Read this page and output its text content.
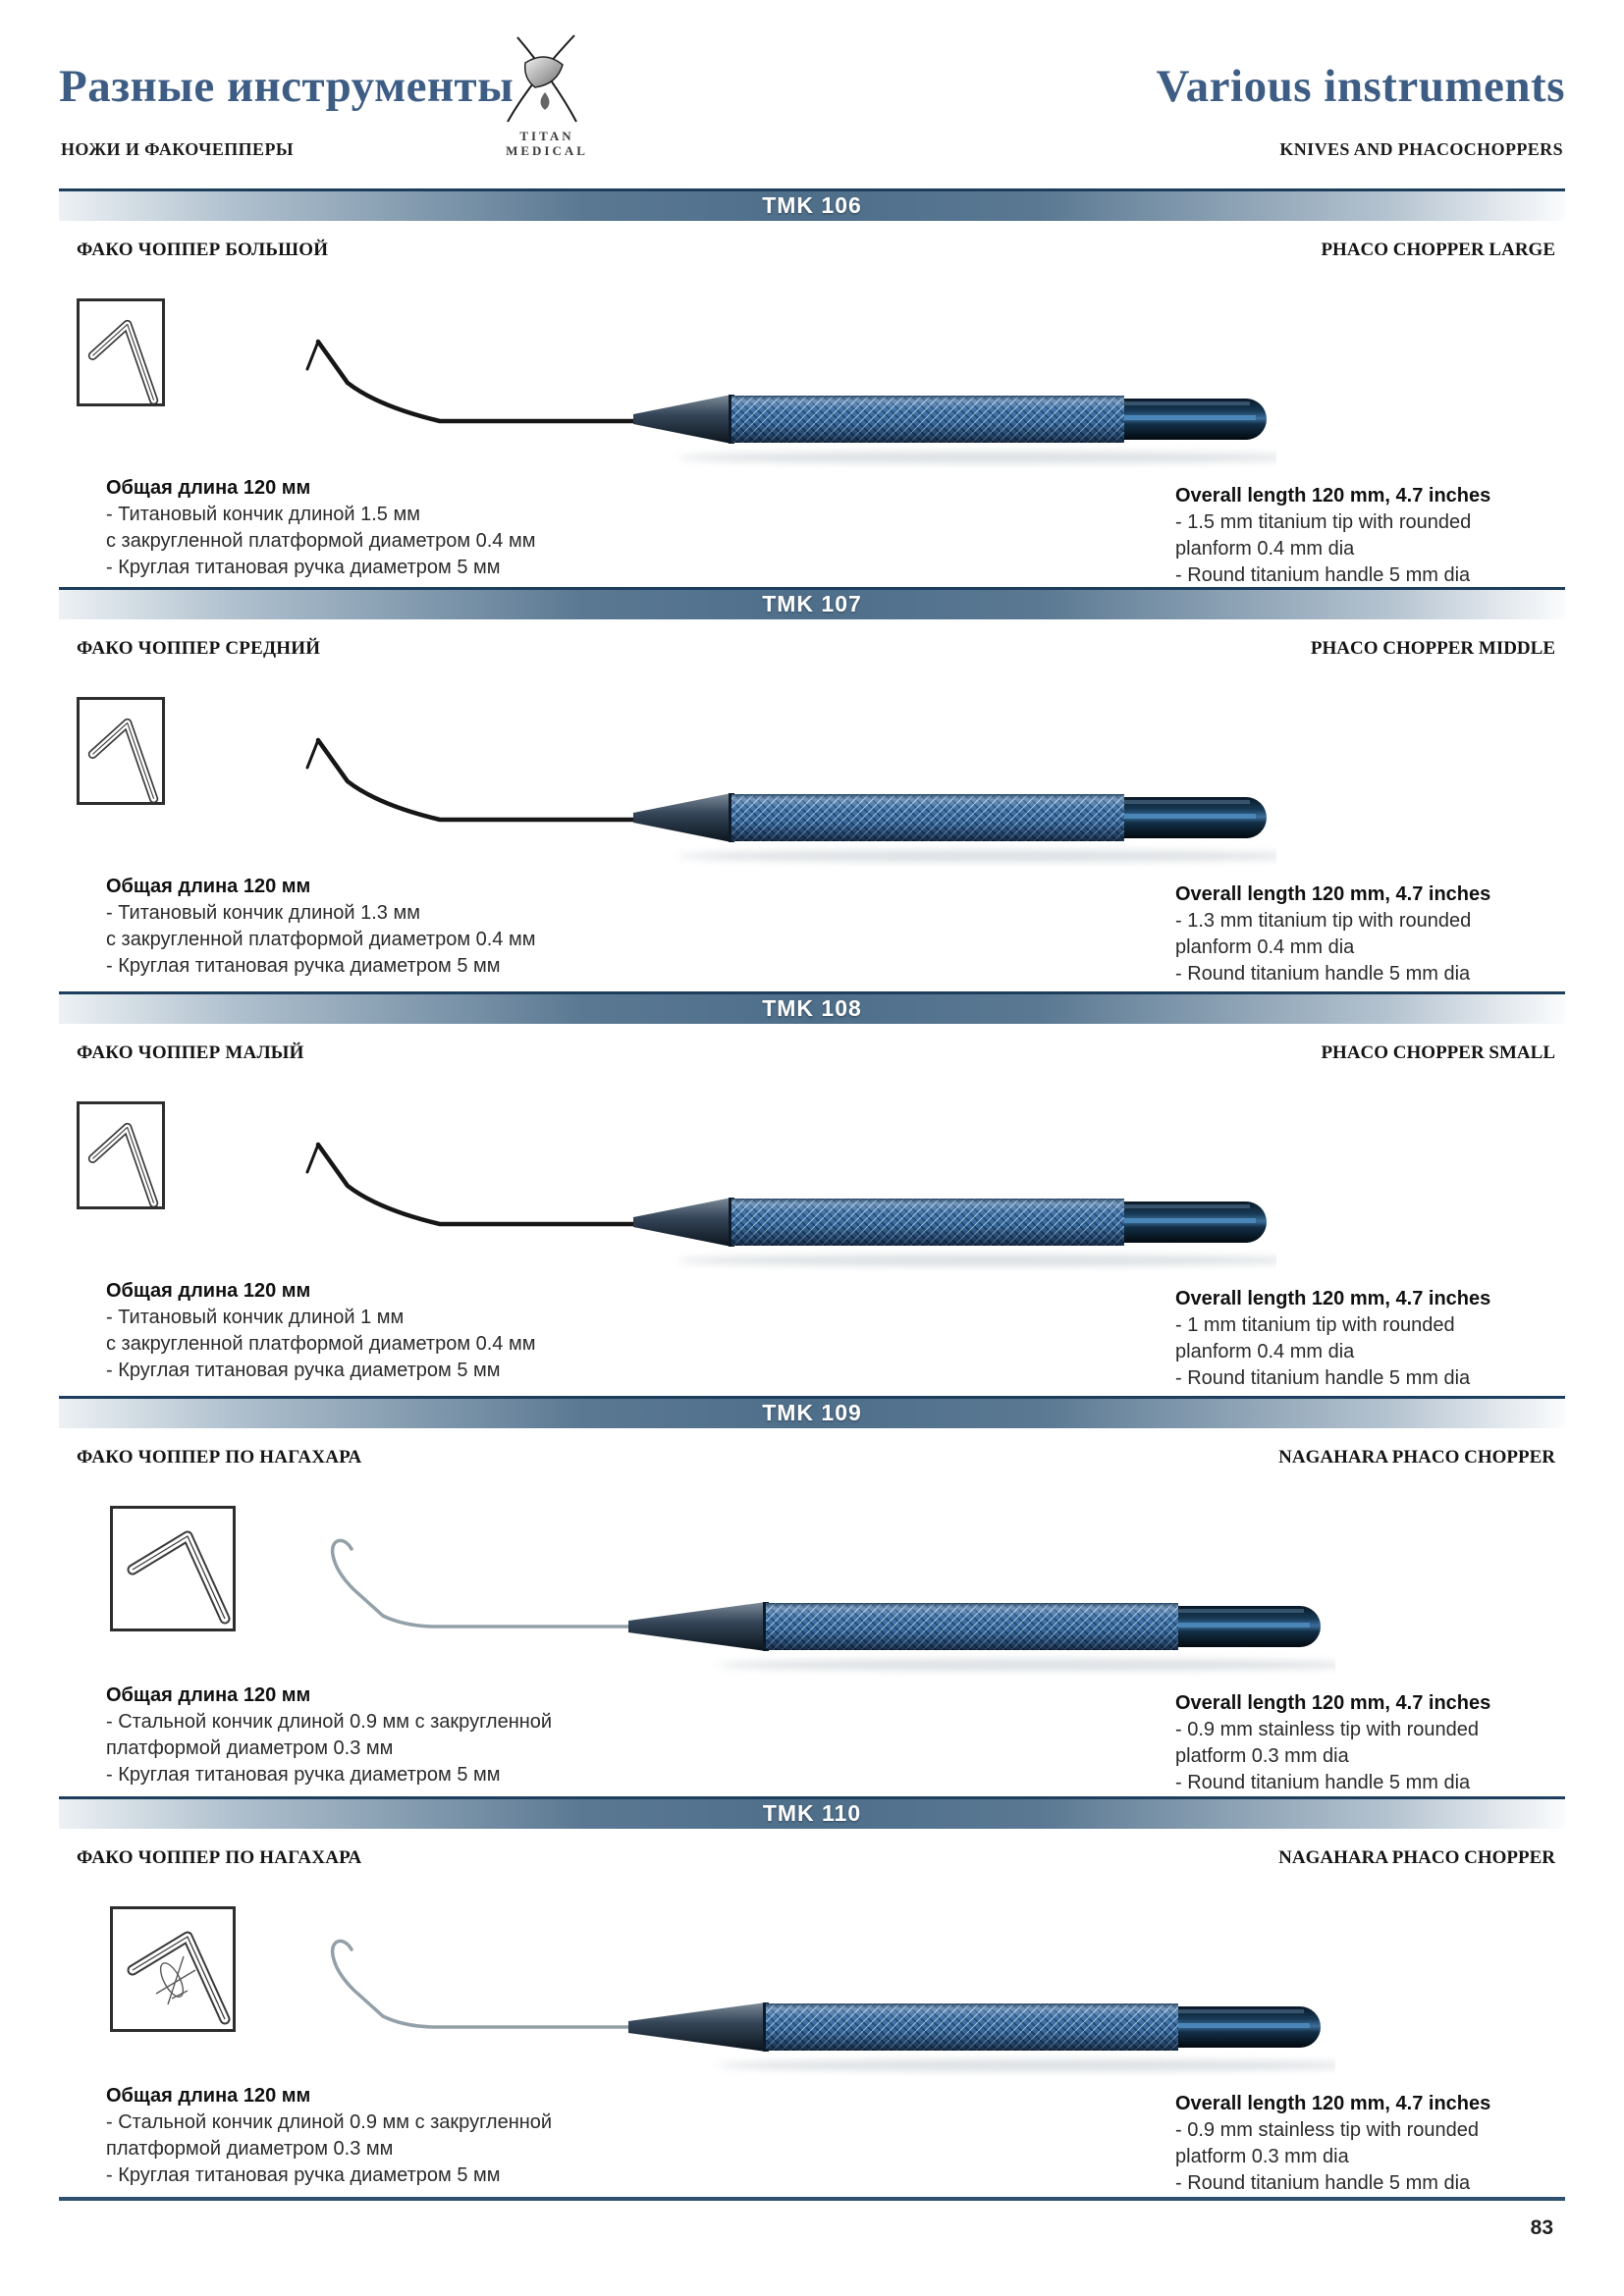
Разные инструменты
НОЖИ И ФАКОЧЕППЕРЫ
TITAN
MEDICAL
Various instruments
KNIVES AND PHACOCHOPPERS
TMK 106
ФАКО ЧОППЕР БОЛЬШОЙ	PHACO CHOPPER LARGE
Общая длина 120 мм
- Титановый кончик длиной 1.5 мм
с закругленной платформой диаметром 0.4 мм
- Круглая титановая ручка диаметром 5 мм
Overall length 120 mm, 4.7 inches
- 1.5 mm titanium tip with rounded
planform 0.4 mm dia
- Round titanium handle 5 mm dia
TMK 107
ФАКО ЧОППЕР СРЕДНИЙ	PHACO CHOPPER MIDDLE
Общая длина 120 мм
- Титановый кончик длиной 1.3 мм
с закругленной платформой диаметром 0.4 мм
- Круглая титановая ручка диаметром 5 мм
Overall length 120 mm, 4.7 inches
- 1.3 mm titanium tip with rounded
planform 0.4 mm dia
- Round titanium handle 5 mm dia
TMK 108
ФАКО ЧОППЕР МАЛЫЙ	PHACO CHOPPER SMALL
Общая длина 120 мм
- Титановый кончик длиной 1 мм
с закругленной платформой диаметром 0.4 мм
- Круглая титановая ручка диаметром 5 мм
Overall length 120 mm, 4.7 inches
- 1 mm titanium tip with rounded
planform 0.4 mm dia
- Round titanium handle 5 mm dia
TMK 109
ФАКО ЧОППЕР ПО НАГАХАРА	NAGAHARA PHACO CHOPPER
Общая длина 120 мм
- Стальной кончик длиной 0.9 мм с закругленной
платформой диаметром 0.3 мм
- Круглая титановая ручка диаметром 5 мм
Overall length 120 mm, 4.7 inches
- 0.9 mm stainless tip with rounded
platform 0.3 mm dia
- Round titanium handle 5 mm dia
TMK 110
ФАКО ЧОППЕР ПО НАГАХАРА	NAGAHARA PHACO CHOPPER
Общая длина 120 мм
- Стальной кончик длиной 0.9 мм с закругленной
платформой диаметром 0.3 мм
- Круглая титановая ручка диаметром 5 мм
Overall length 120 mm, 4.7 inches
- 0.9 mm stainless tip with rounded
platform 0.3 mm dia
- Round titanium handle 5 mm dia
83
